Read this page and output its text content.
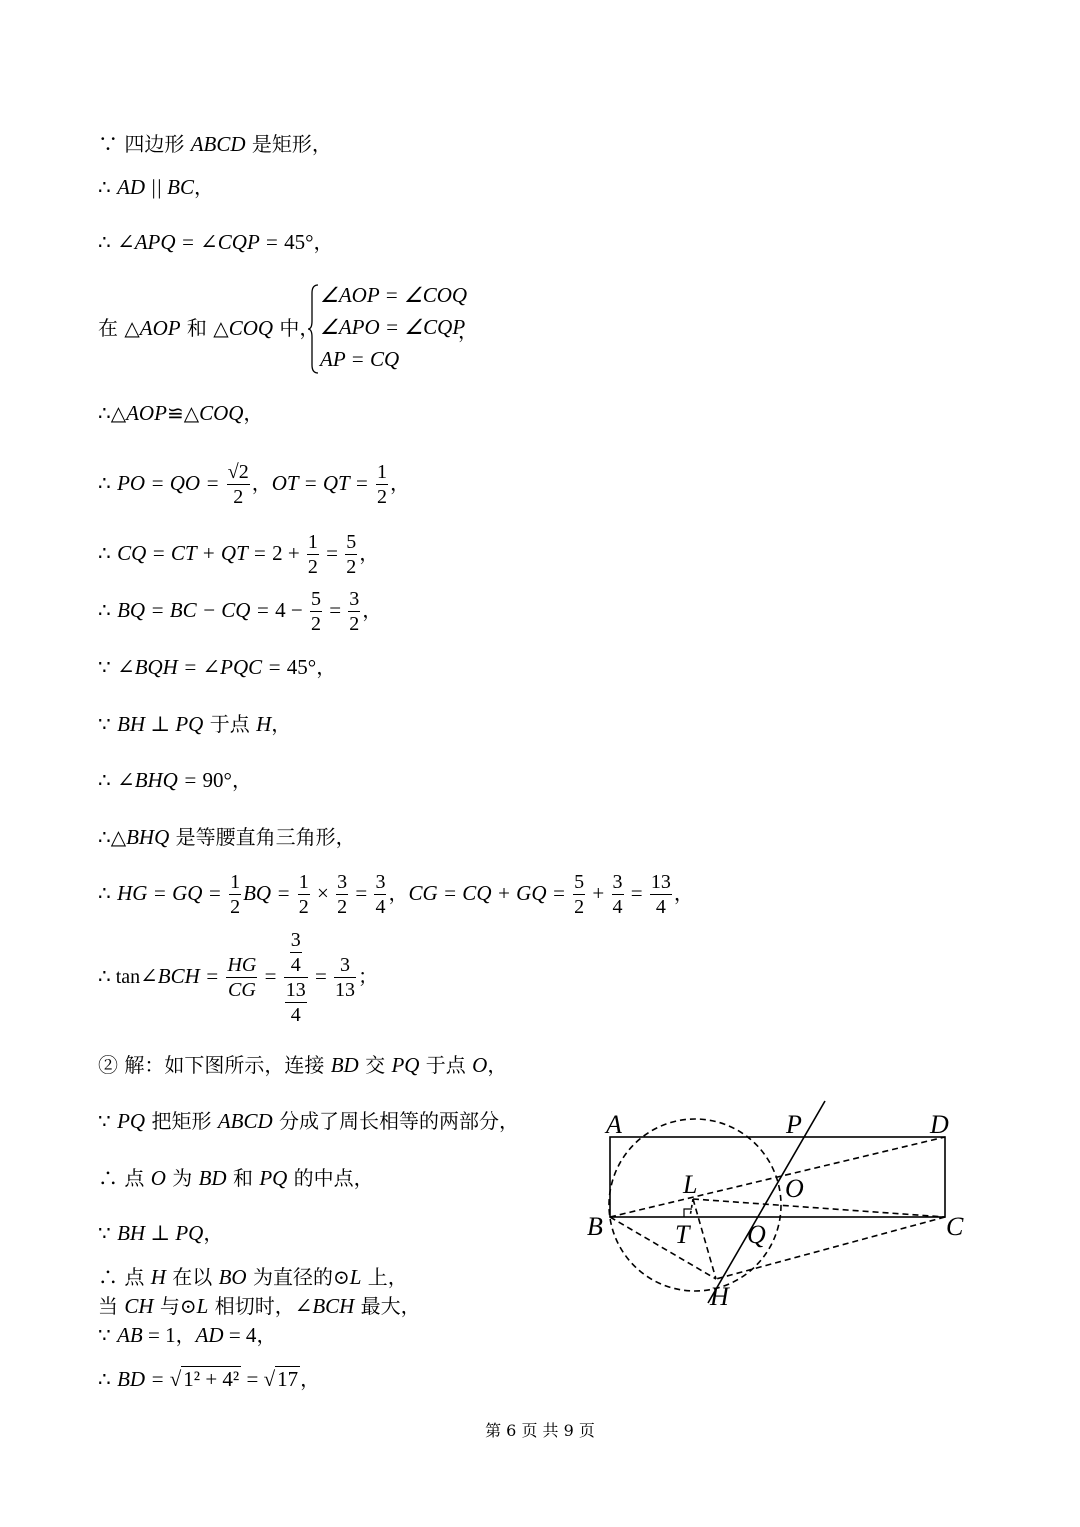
∵ 四边形 ABCD 是矩形，
∴ AD || BC，
∴ ∠APQ = ∠CQP = 45°，
在 △AOP 和 △COQ 中，
∠AOP = ∠COQ
∠APO = ∠CQP
AP = CQ
，
∴△AOP≌△COQ，
∴ PO = QO = $\frac{√2}{2}$ ，OT = QT = $\frac{1}{2}$ ，
∴ CQ = CT + QT = $2 + \frac{1}{2} = \frac{5}{2}$ ，
∴ BQ = BC − CQ = $4 - \frac{5}{2} = \frac{3}{2}$ ，
∵ ∠BQH = ∠PQC = 45°，
∵ BH ⊥ PQ 于点 H，
∴ ∠BHQ = 90°，
∴△BHQ 是等腰直角三角形，
∴ HG = GQ = $\frac{1}{2}$ BQ = $\frac{1}{2} \times \frac{3}{2} = \frac{3}{4}$ ，CG = CQ + GQ = $\frac{5}{2} + \frac{3}{4} = \frac{13}{4}$ ，
∴ tan∠BCH = $\frac{HG}{CG} = \frac{\frac{3}{4}}{\frac{13}{4}} = \frac{3}{13}$ ；
② 解：如下图所示，连接 BD 交 PQ 于点 O，
∵ PQ 把矩形 ABCD 分成了周长相等的两部分，
∴ 点 O 为 BD 和 PQ 的中点，
∵ BH ⊥ PQ，
∴ 点 H 在以 BO 为直径的⊙L 上，
当 CH 与⊙L 相切时，∠BCH 最大，
∵ AB = 1，AD = 4，
∴ BD = √1² + 4² = √17 ，
A	P	D
L	O
B	T Q	C
H
第 6 页 共 9 页
